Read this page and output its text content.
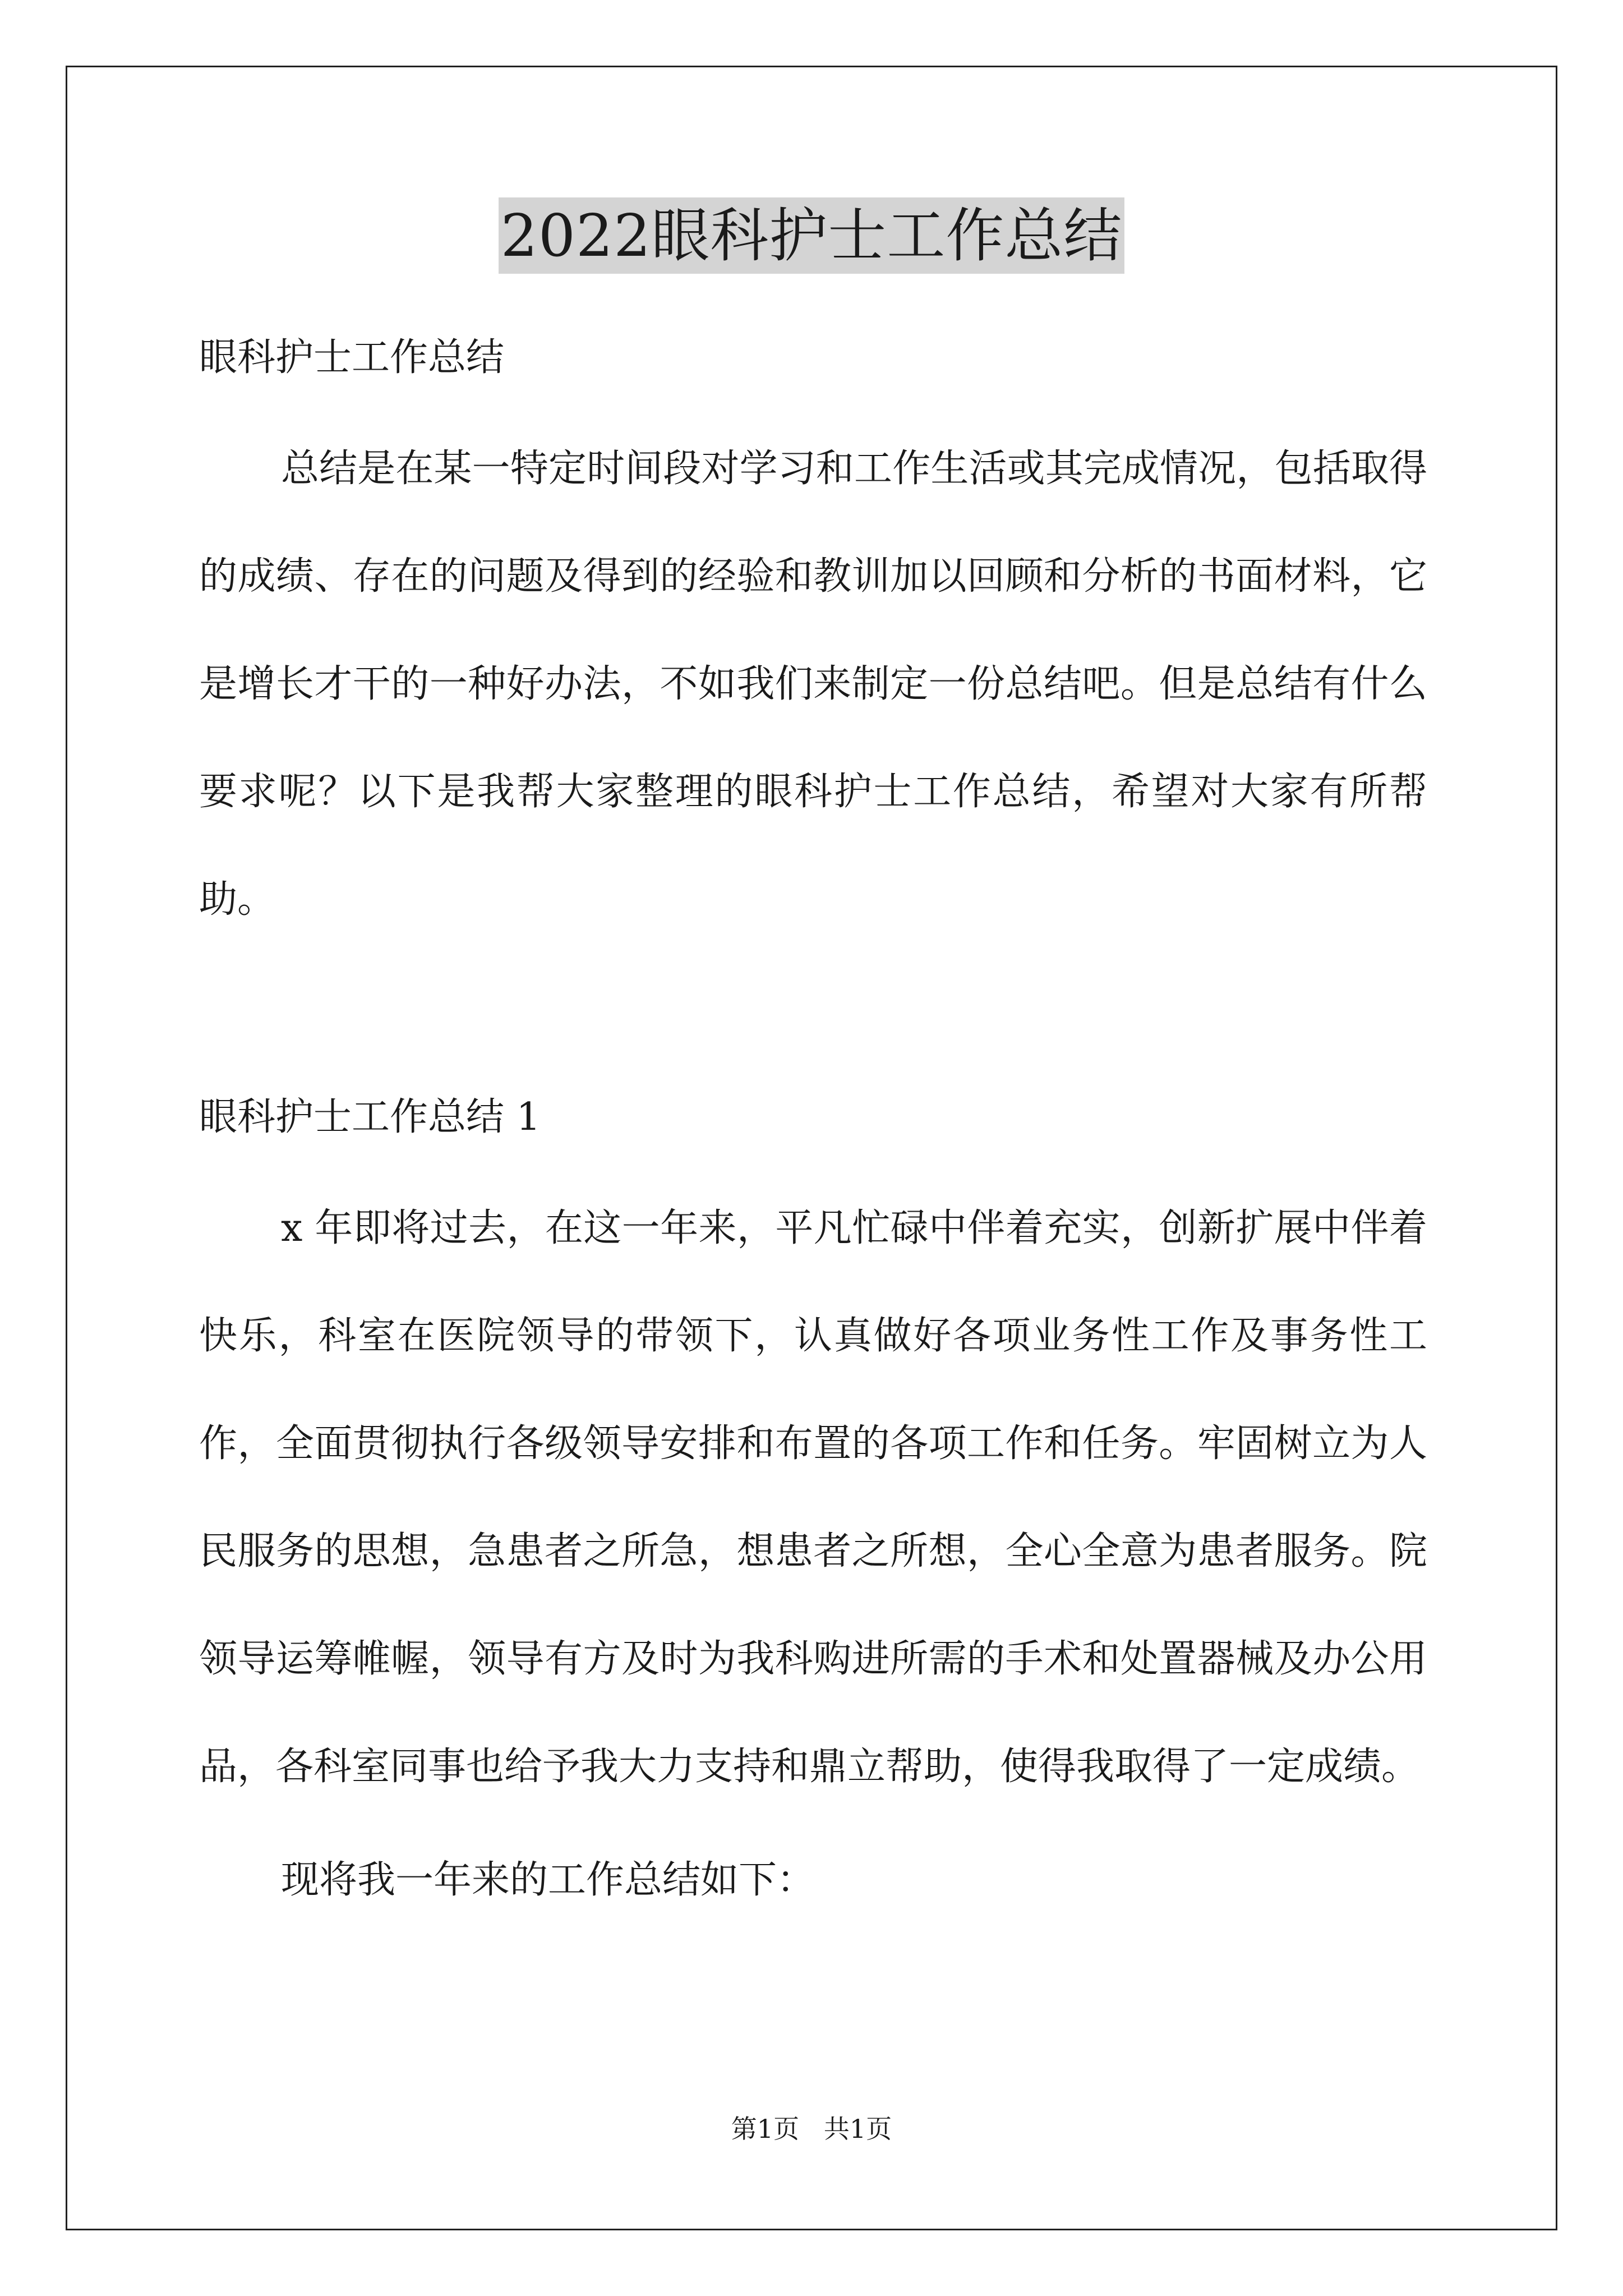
2022眼科护士工作总结

眼科护士工作总结

总结是在某一特定时间段对学习和工作生活或其完成情况，包括取得的成绩、存在的问题及得到的经验和教训加以回顾和分析的书面材料，它是增长才干的一种好办法，不如我们来制定一份总结吧。但是总结有什么要求呢？以下是我帮大家整理的眼科护士工作总结，希望对大家有所帮助。

眼科护士工作总结 1

x 年即将过去，在这一年来，平凡忙碌中伴着充实，创新扩展中伴着快乐，科室在医院领导的带领下，认真做好各项业务性工作及事务性工作，全面贯彻执行各级领导安排和布置的各项工作和任务。牢固树立为人民服务的思想，急患者之所急，想患者之所想，全心全意为患者服务。院领导运筹帷幄，领导有方及时为我科购进所需的手术和处置器械及办公用品，各科室同事也给予我大力支持和鼎立帮助，使得我取得了一定成绩。

现将我一年来的工作总结如下：

第1页   共1页
